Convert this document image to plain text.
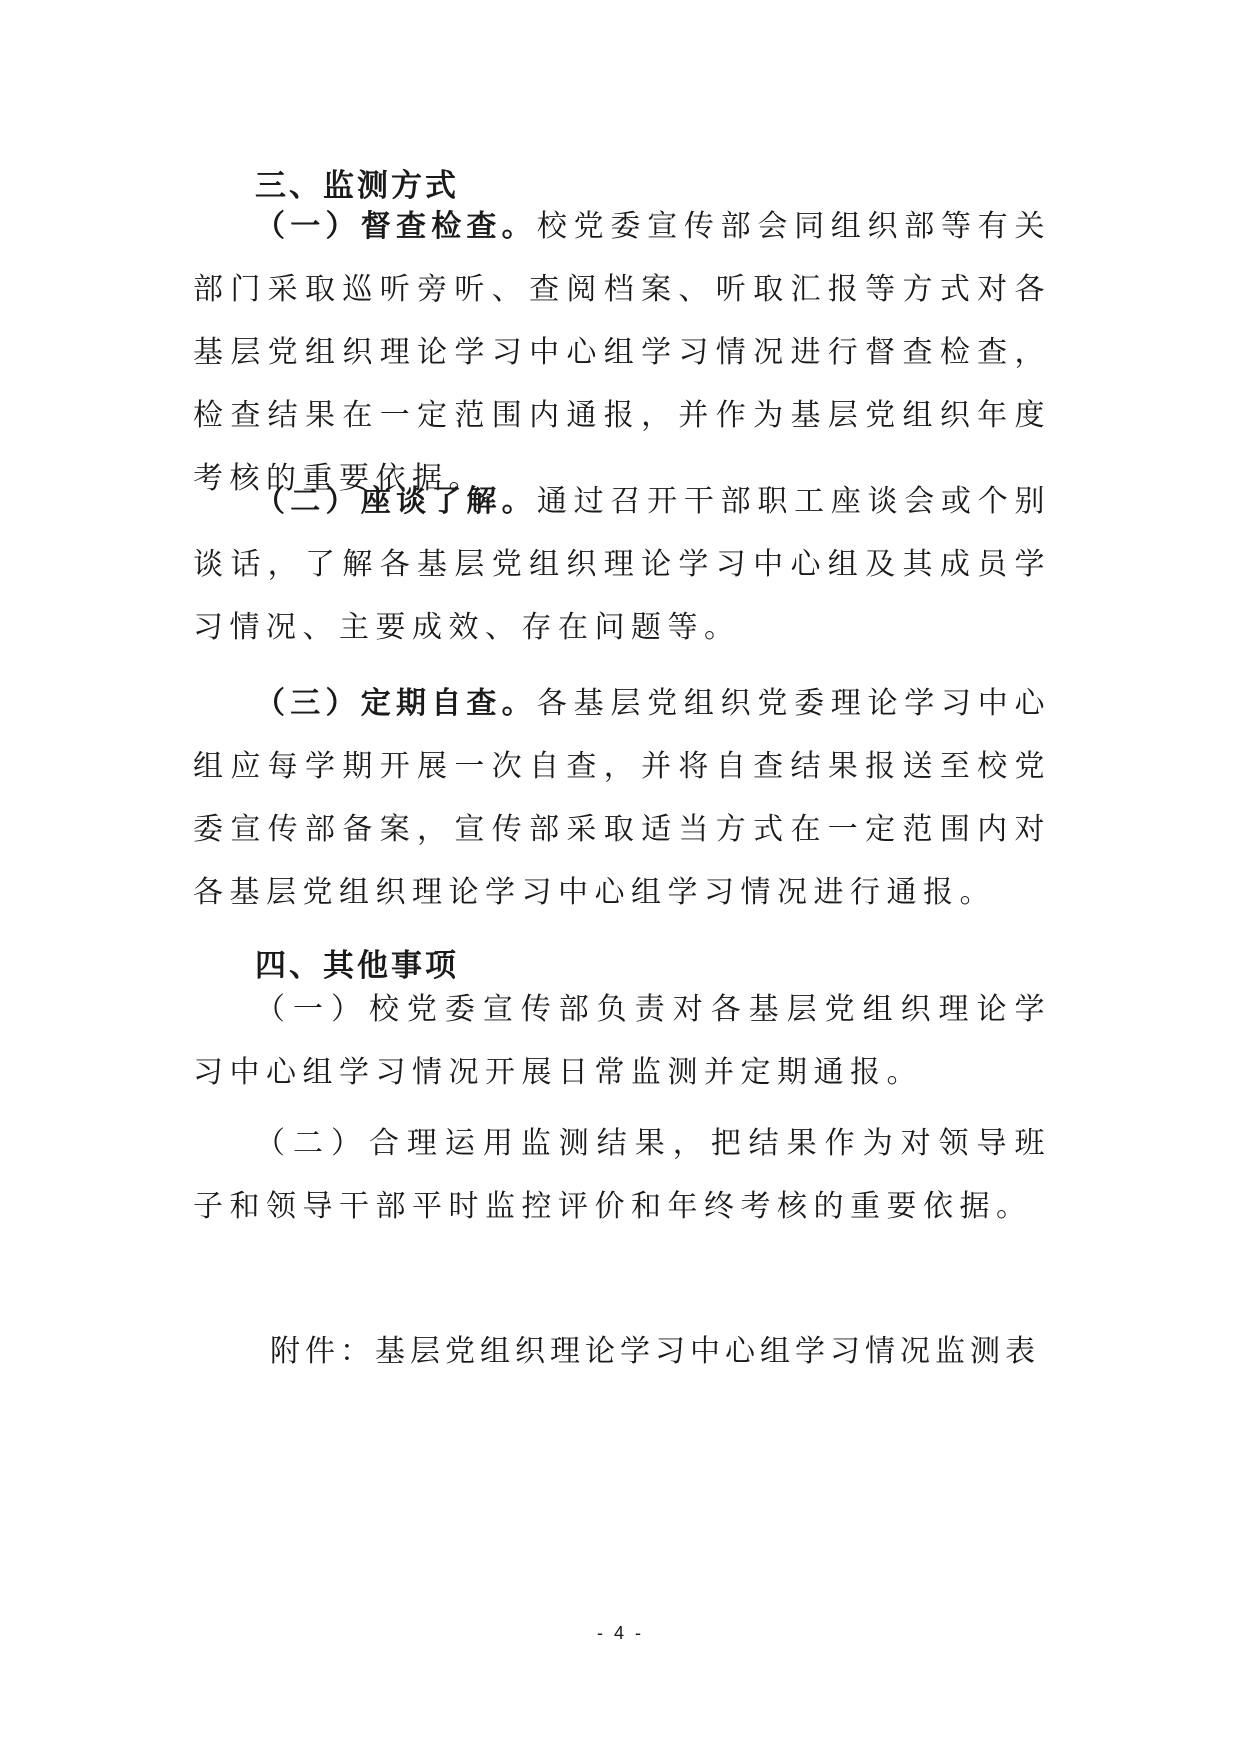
三、监测方式

（一）督查检查。校党委宣传部会同组织部等有关部门采取巡听旁听、查阅档案、听取汇报等方式对各基层党组织理论学习中心组学习情况进行督查检查，检查结果在一定范围内通报，并作为基层党组织年度考核的重要依据。

（二）座谈了解。通过召开干部职工座谈会或个别谈话，了解各基层党组织理论学习中心组及其成员学习情况、主要成效、存在问题等。

（三）定期自查。各基层党组织党委理论学习中心组应每学期开展一次自查，并将自查结果报送至校党委宣传部备案，宣传部采取适当方式在一定范围内对各基层党组织理论学习中心组学习情况进行通报。

四、其他事项

（一）校党委宣传部负责对各基层党组织理论学习中心组学习情况开展日常监测并定期通报。

（二）合理运用监测结果，把结果作为对领导班子和领导干部平时监控评价和年终考核的重要依据。

附件：基层党组织理论学习中心组学习情况监测表

- 4 -
